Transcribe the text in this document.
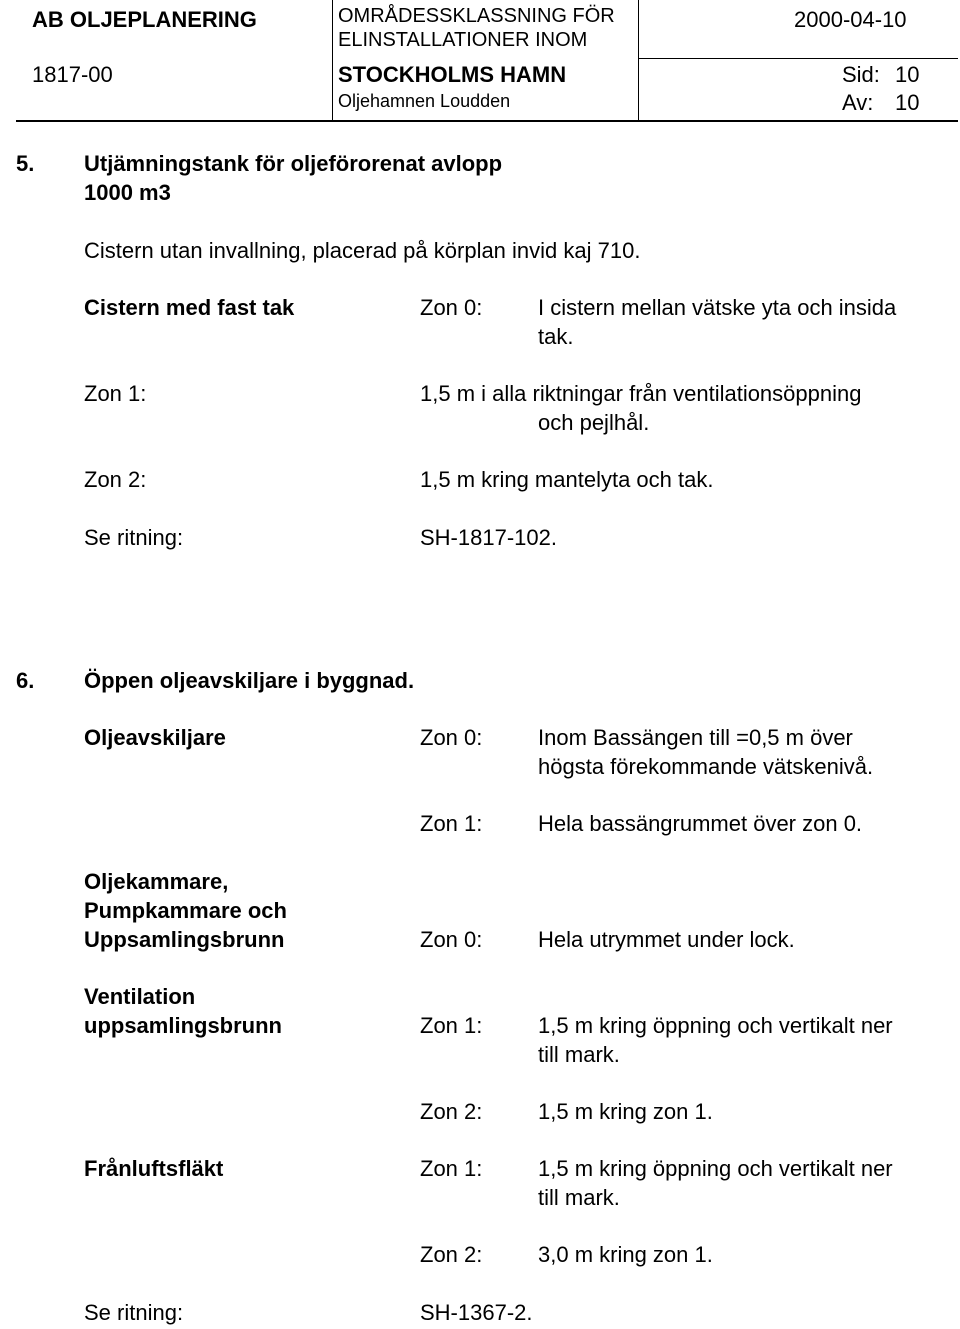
AB OLJEPLANERING
1817-00
OMRÅDESSKLASSNING FÖR
ELINSTALLATIONER INOM
STOCKHOLMS HAMN
Oljehamnen Loudden
2000-04-10
Sid: 10
Av: 10
5. Utjämningstank för oljeförorenat avlopp
1000 m3
Cistern utan invallning, placerad på körplan invid kaj 710.
Cistern med fast tak	Zon 0:	I cistern mellan vätske yta och insida
tak.
Zon 1:	1,5 m i alla riktningar från ventilationsöppning
och pejlhål.
Zon 2:	1,5 m kring mantelyta och tak.
Se ritning:	SH-1817-102.
6. Öppen oljeavskiljare i byggnad.
Oljeavskiljare	Zon 0:	Inom Bassängen till =0,5 m över
högsta förekommande vätskenivå.
Zon 1:	Hela bassängrummet över zon 0.
Oljekammare,
Pumpkammare och
Uppsamlingsbrunn	Zon 0:	Hela utrymmet under lock.
Ventilation
uppsamlingsbrunn	Zon 1:	1,5 m kring öppning och vertikalt ner
till mark.
Zon 2:	1,5 m kring zon 1.
Frånluftsfläkt	Zon 1:	1,5 m kring öppning och vertikalt ner
till mark.
Zon 2:	3,0 m kring zon 1.
Se ritning:	SH-1367-2.
